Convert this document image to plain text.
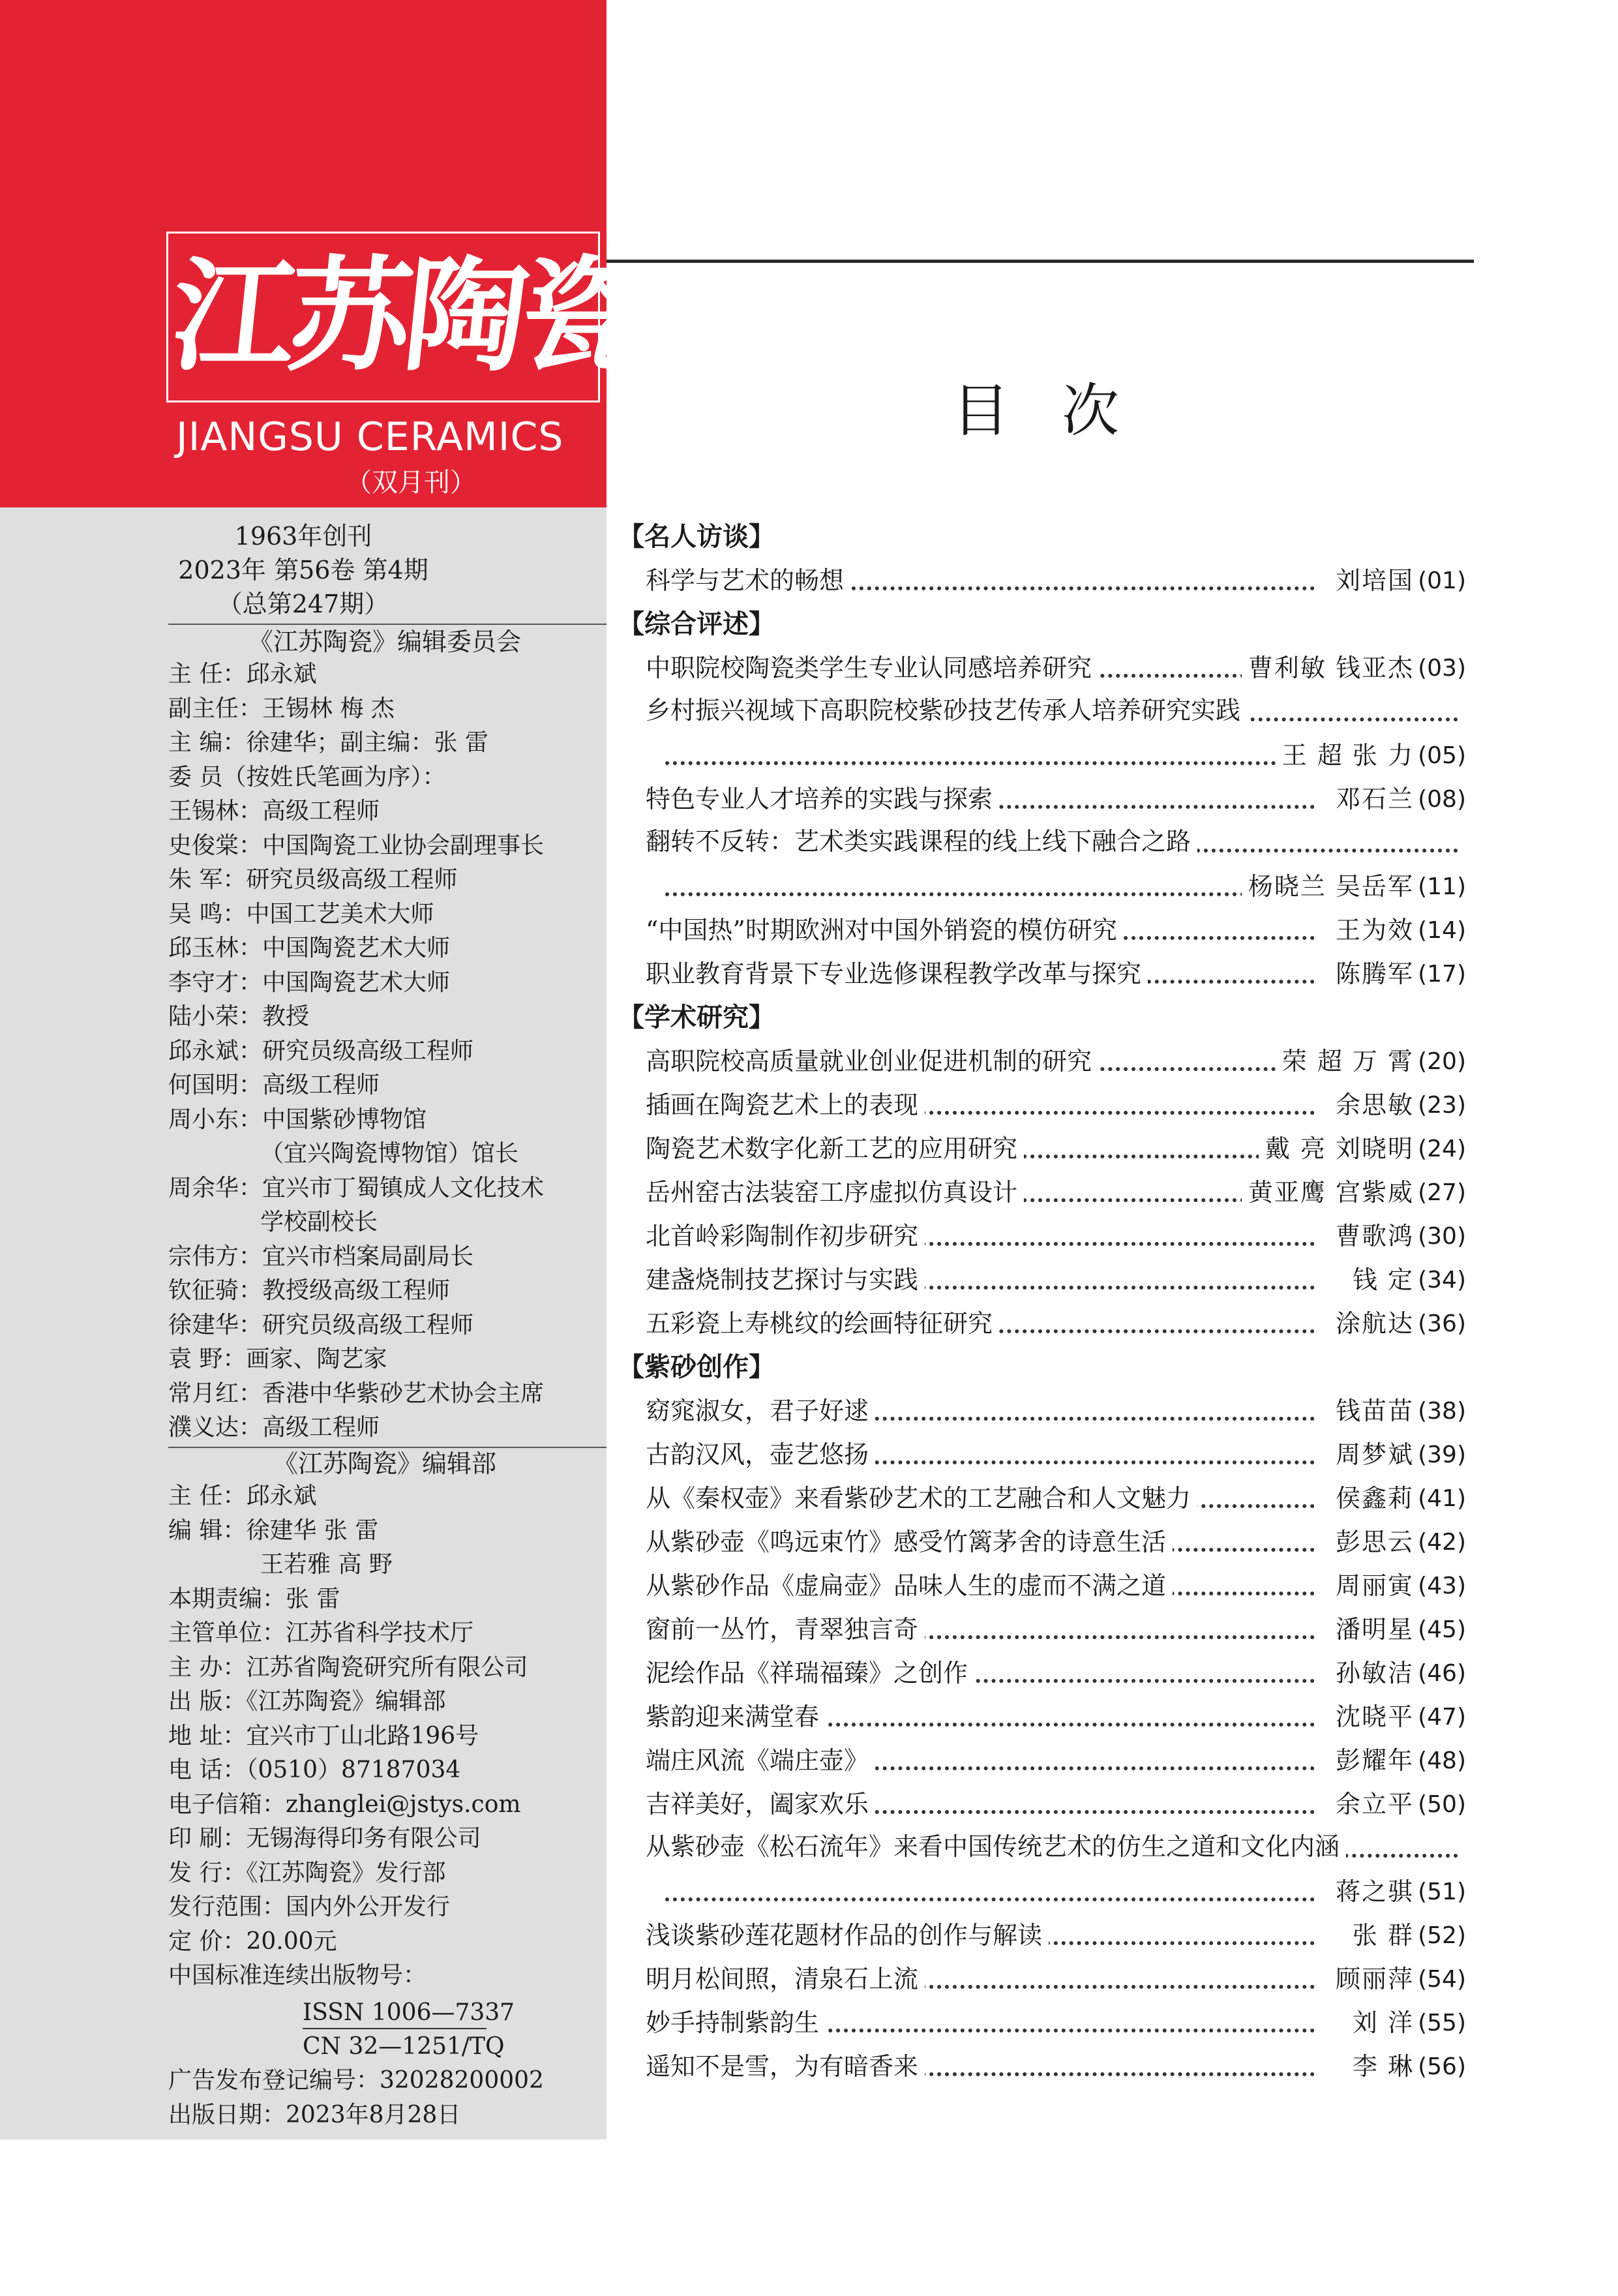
江苏陶瓷
JIANGSU CERAMICS
（双月刊）
1963年创刊
2023年 第56卷 第4期
（总第247期）
《江苏陶瓷》编辑委员会
主 任：邱永斌
副主任：王锡林 梅 杰
主 编：徐建华；副主编：张 雷
委 员（按姓氏笔画为序）：
王锡林：高级工程师
史俊棠：中国陶瓷工业协会副理事长
朱 军：研究员级高级工程师
吴 鸣：中国工艺美术大师
邱玉林：中国陶瓷艺术大师
李守才：中国陶瓷艺术大师
陆小荣：教授
邱永斌：研究员级高级工程师
何国明：高级工程师
周小东：中国紫砂博物馆
（宜兴陶瓷博物馆）馆长
周余华：宜兴市丁蜀镇成人文化技术
学校副校长
宗伟方：宜兴市档案局副局长
钦征骑：教授级高级工程师
徐建华：研究员级高级工程师
袁 野：画家、陶艺家
常月红：香港中华紫砂艺术协会主席
濮义达：高级工程师
《江苏陶瓷》编辑部
主 任：邱永斌
编 辑：徐建华 张 雷
王若雅 高 野
本期责编：张 雷
主管单位：江苏省科学技术厅
主 办：江苏省陶瓷研究所有限公司
出 版：《江苏陶瓷》编辑部
地 址：宜兴市丁山北路196号
电 话：（0510）87187034
电子信箱：zhanglei@jstys.com
印 刷：无锡海得印务有限公司
发 行：《江苏陶瓷》发行部
发行范围：国内外公开发行
定 价：20.00元
中国标准连续出版物号：
ISSN 1006—7337
CN 32—1251/TQ
广告发布登记编号：32028200002
出版日期：2023年8月28日
目次
【名人访谈】
科学与艺术的畅想	刘培国 (01)
【综合评述】
中职院校陶瓷类学生专业认同感培养研究	曹利敏 钱亚杰 (03)
乡村振兴视域下高职院校紫砂技艺传承人培养研究实践
王 超 张 力 (05)
特色专业人才培养的实践与探索	邓石兰 (08)
翻转不反转：艺术类实践课程的线上线下融合之路
杨晓兰 吴岳军 (11)
“中国热”时期欧洲对中国外销瓷的模仿研究	王为效 (14)
职业教育背景下专业选修课程教学改革与探究	陈腾军 (17)
【学术研究】
高职院校高质量就业创业促进机制的研究	荣 超 万 霄 (20)
插画在陶瓷艺术上的表现	余思敏 (23)
陶瓷艺术数字化新工艺的应用研究	戴 亮 刘晓明 (24)
岳州窑古法装窑工序虚拟仿真设计	黄亚鹰 宫紫威 (27)
北首岭彩陶制作初步研究	曹歌鸿 (30)
建盏烧制技艺探讨与实践	钱 定 (34)
五彩瓷上寿桃纹的绘画特征研究	涂航达 (36)
【紫砂创作】
窈窕淑女，君子好逑	钱苗苗 (38)
古韵汉风，壶艺悠扬	周梦斌 (39)
从《秦权壶》来看紫砂艺术的工艺融合和人文魅力	侯鑫莉 (41)
从紫砂壶《鸣远束竹》感受竹篱茅舍的诗意生活	彭思云 (42)
从紫砂作品《虚扁壶》品味人生的虚而不满之道	周丽寅 (43)
窗前一丛竹，青翠独言奇	潘明星 (45)
泥绘作品《祥瑞福臻》之创作	孙敏洁 (46)
紫韵迎来满堂春	沈晓平 (47)
端庄风流《端庄壶》	彭耀年 (48)
吉祥美好，阖家欢乐	余立平 (50)
从紫砂壶《松石流年》来看中国传统艺术的仿生之道和文化内涵
蒋之骐 (51)
浅谈紫砂莲花题材作品的创作与解读	张 群 (52)
明月松间照，清泉石上流	顾丽萍 (54)
妙手持制紫韵生	刘 洋 (55)
遥知不是雪，为有暗香来	李 琳 (56)
